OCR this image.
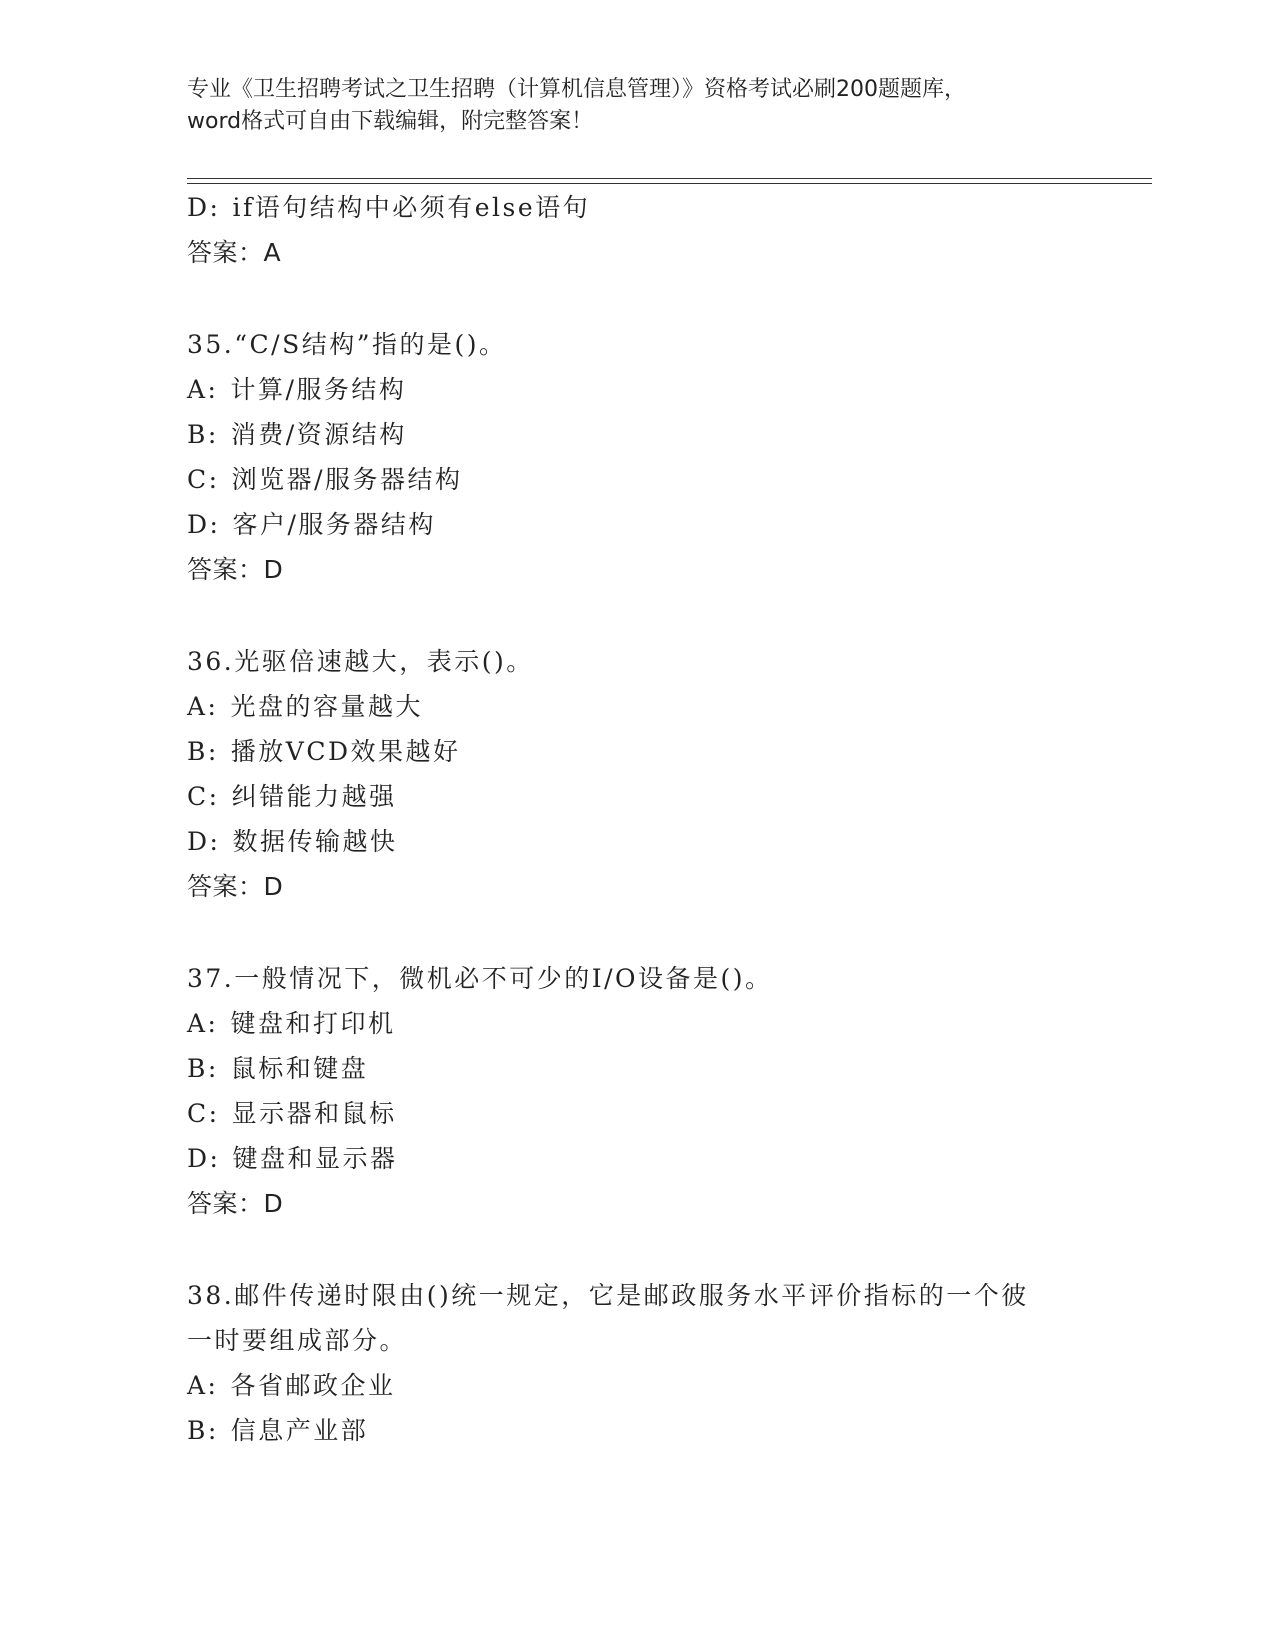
专业《卫生招聘考试之卫生招聘（计算机信息管理）》资格考试必刷200题题库，
word格式可自由下载编辑，附完整答案！
D: if语句结构中必须有else语句
答案：A
35.“C/S结构”指的是()。
A: 计算/服务结构
B: 消费/资源结构
C: 浏览器/服务器结构
D: 客户/服务器结构
答案：D
36.光驱倍速越大，表示()。
A: 光盘的容量越大
B: 播放VCD效果越好
C: 纠错能力越强
D: 数据传输越快
答案：D
37.一般情况下，微机必不可少的I/O设备是()。
A: 键盘和打印机
B: 鼠标和键盘
C: 显示器和鼠标
D: 键盘和显示器
答案：D
38.邮件传递时限由()统一规定，它是邮政服务水平评价指标的一个彼
一时要组成部分。
A: 各省邮政企业
B: 信息产业部
